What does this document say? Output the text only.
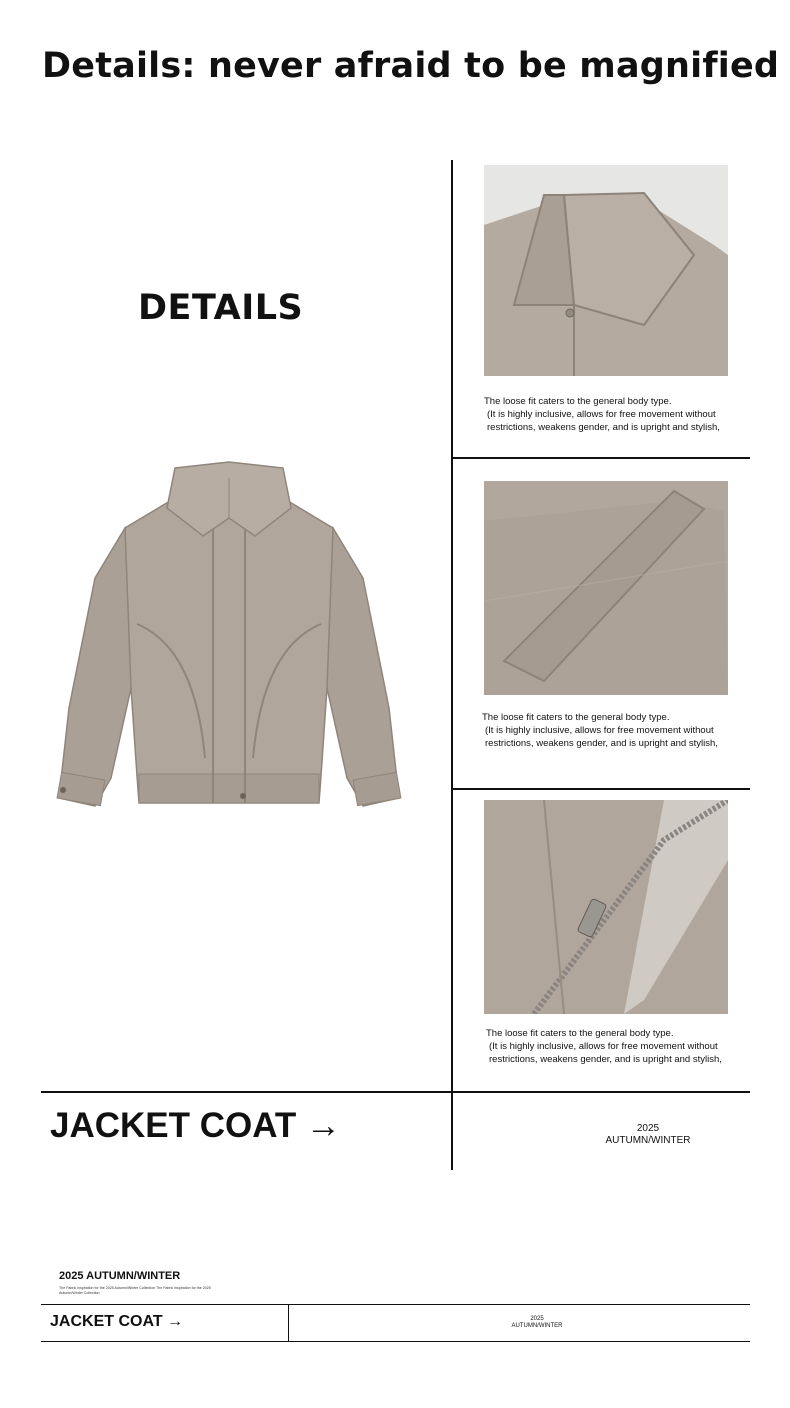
Details: never afraid to be magnified
DETAILS
The loose fit caters to the general body type.
(It is highly inclusive, allows for free movement without
restrictions, weakens gender, and is upright and stylish,
The loose fit caters to the general body type.
(It is highly inclusive, allows for free movement without
restrictions, weakens gender, and is upright and stylish,
The loose fit caters to the general body type.
(It is highly inclusive, allows for free movement without
restrictions, weakens gender, and is upright and stylish,
JACKET COAT →	2025
AUTUMN/WINTER
2025 AUTUMN/WINTER
The Fabric inspiration for the 2025 Autumn/Winter Collection The Fabric inspiration for the 2025 Autumn/Winter Collection
JACKET COAT →	2025
AUTUMN/WINTER
